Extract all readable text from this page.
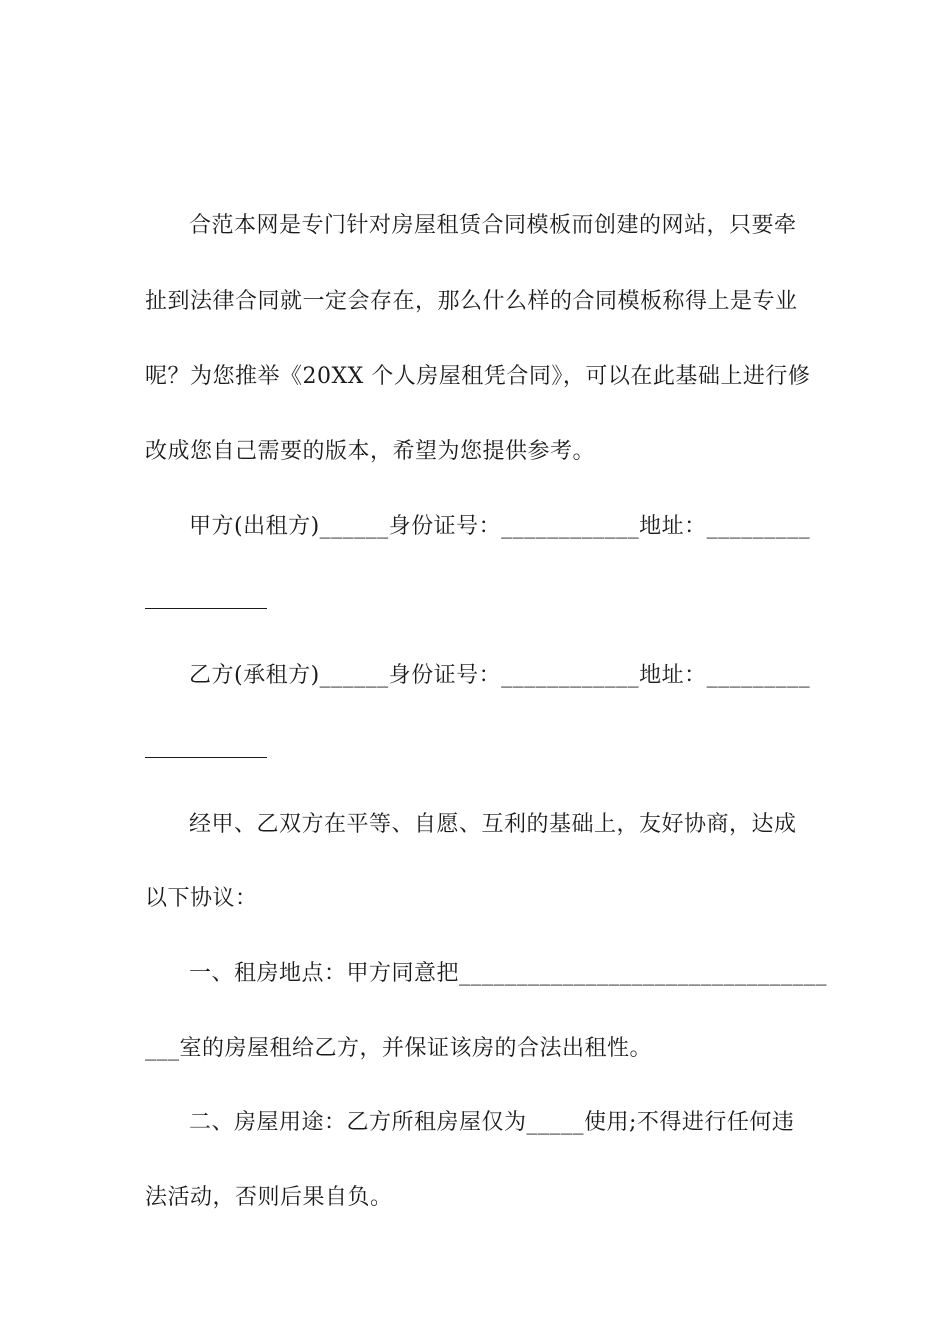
合范本网是专门针对房屋租赁合同模板而创建的网站，只要牵
扯到法律合同就一定会存在，那么什么样的合同模板称得上是专业
呢？为您推举《20XX 个人房屋租凭合同》，可以在此基础上进行修
改成您自己需要的版本，希望为您提供参考。
甲方(出租方)______身份证号：____________地址：_________
乙方(承租方)______身份证号：____________地址：_________
经甲、乙双方在平等、自愿、互利的基础上，友好协商，达成
以下协议：
一、租房地点：甲方同意把________________________________
___室的房屋租给乙方，并保证该房的合法出租性。
二、房屋用途：乙方所租房屋仅为_____使用;不得进行任何违
法活动，否则后果自负。
